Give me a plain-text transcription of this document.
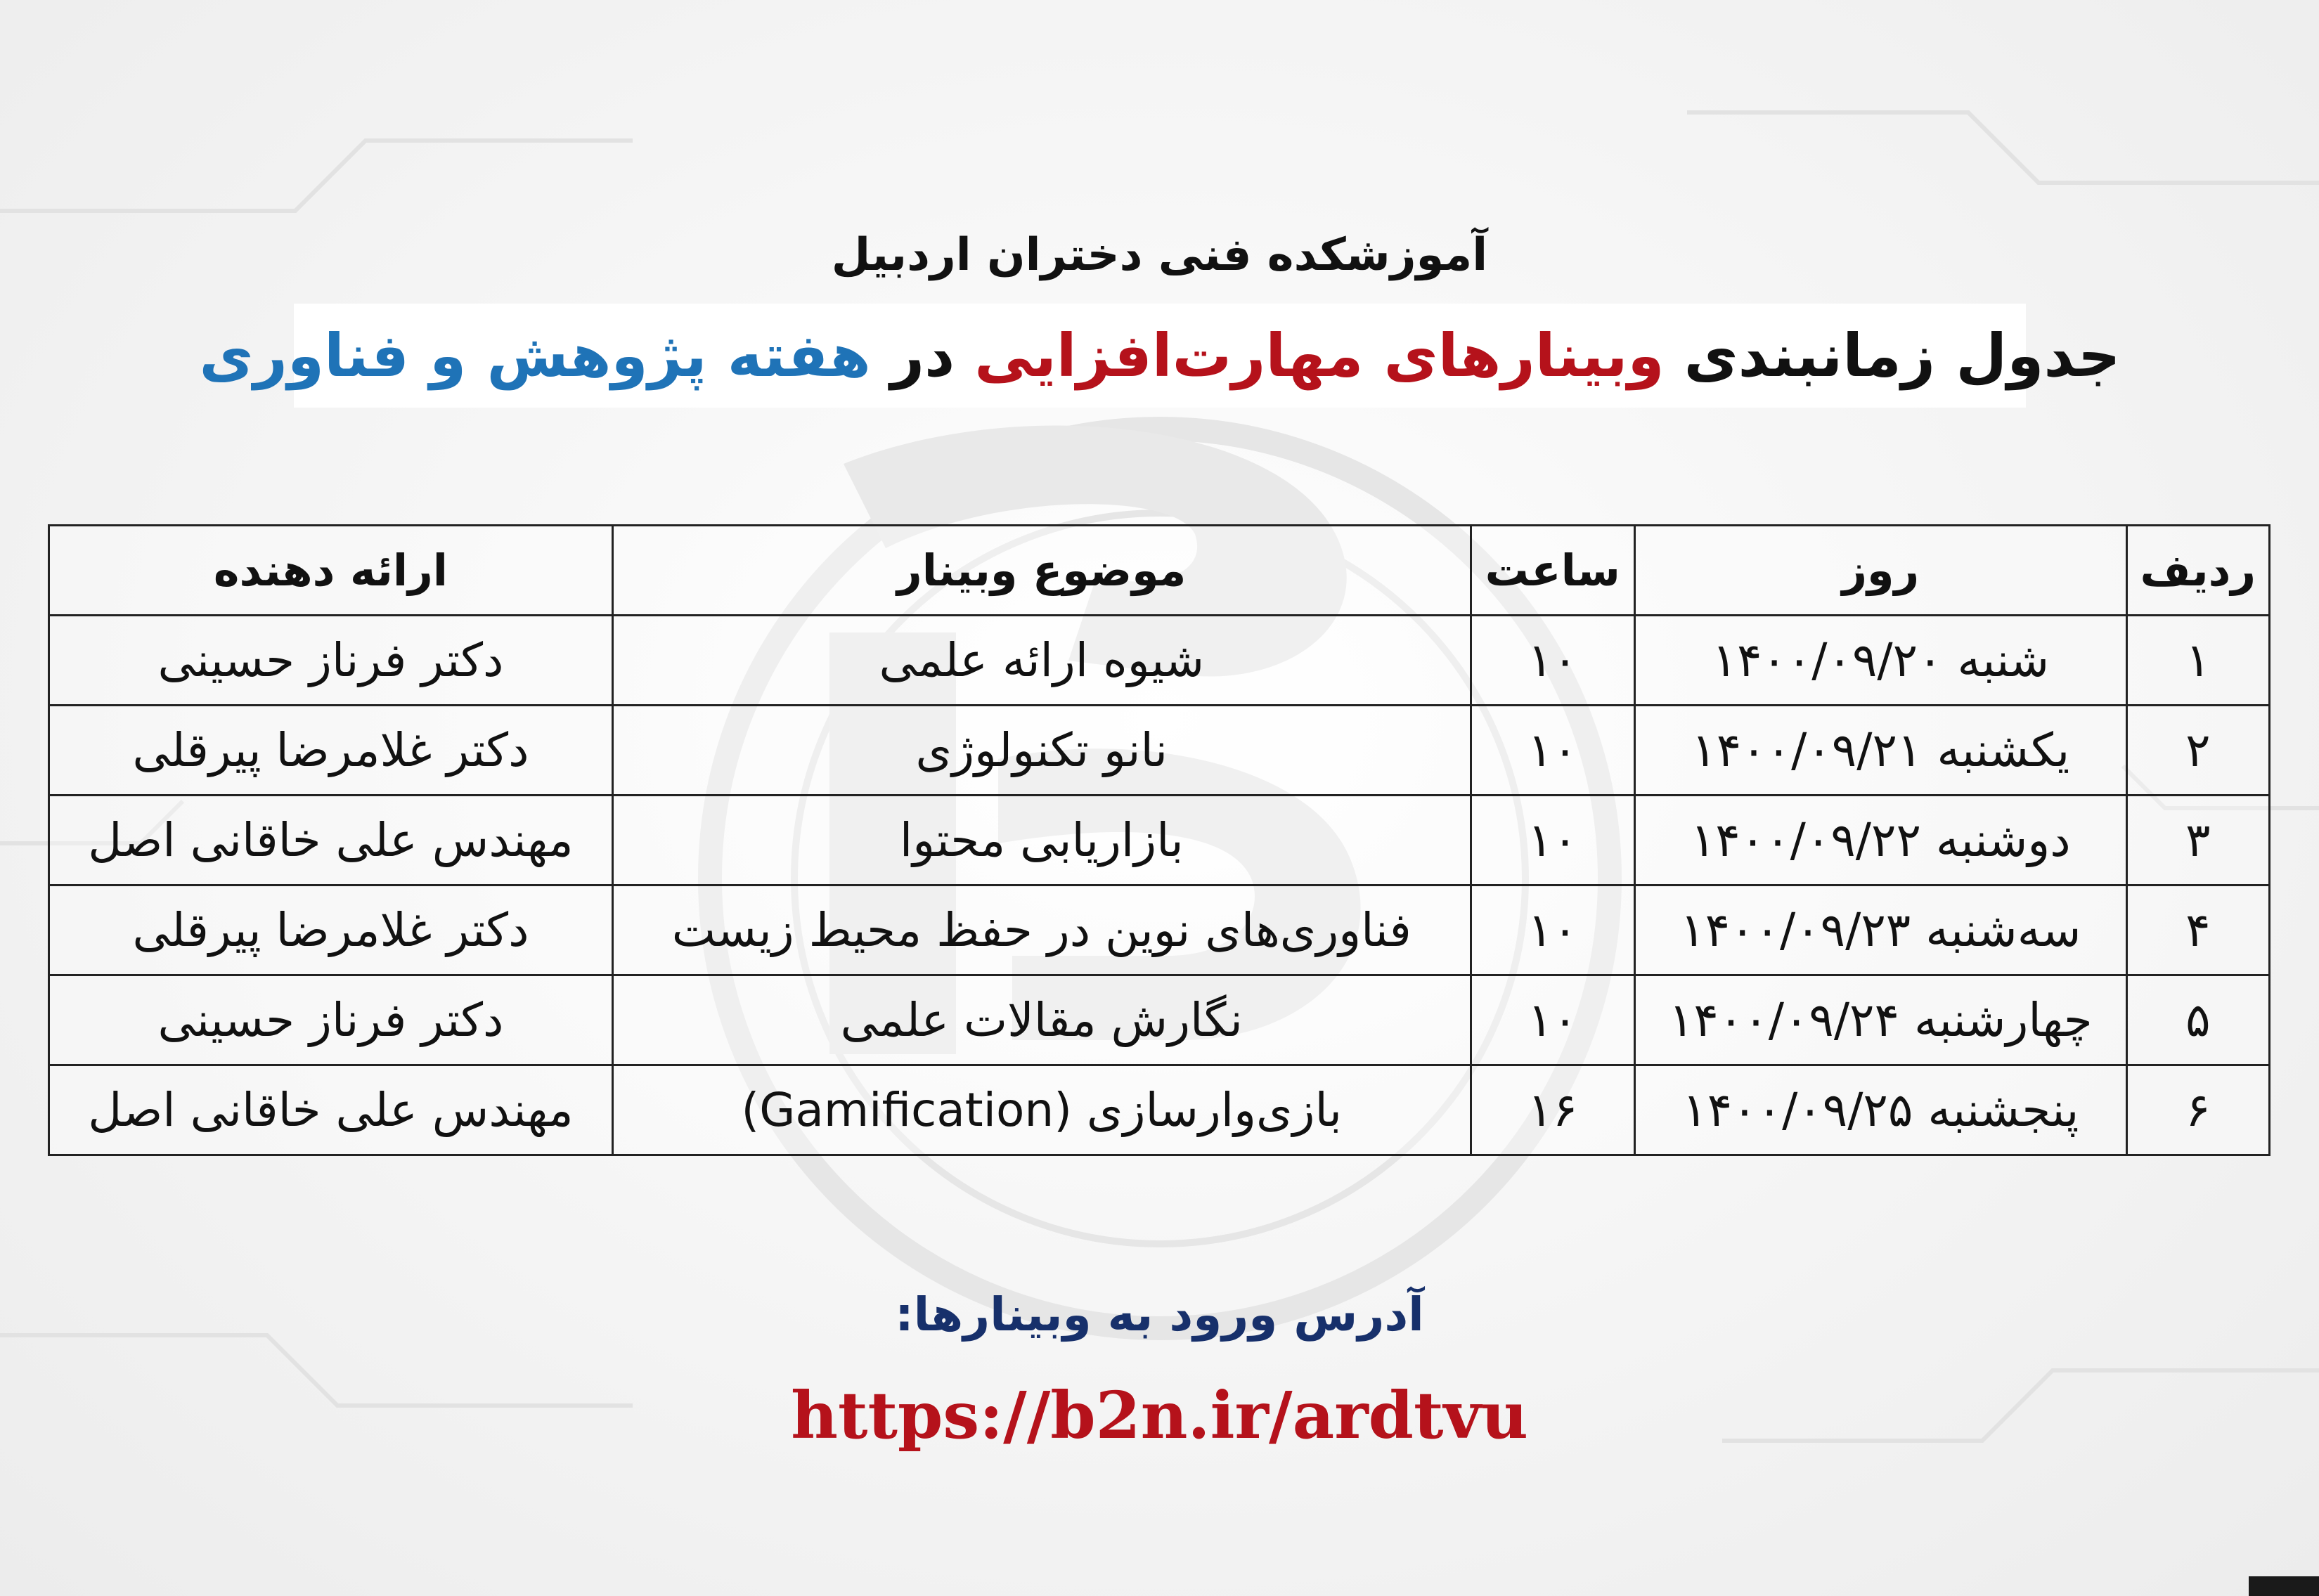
آموزشکده فنی دختران اردبیل
جدول زمانبندی
وبینارهای مهارت‌افزایی
در
هفته پژوهش و فناوری
ردیف	روز	ساعت	موضوع وبینار	ارائه دهنده
۱	شنبه ۱۴۰۰/۰۹/۲۰	۱۰	شیوه ارائه علمی	دکتر فرناز حسینی
۲	یکشنبه ۱۴۰۰/۰۹/۲۱	۱۰	نانو تکنولوژی	دکتر غلامرضا پیرقلی
۳	دوشنبه ۱۴۰۰/۰۹/۲۲	۱۰	بازاریابی محتوا	مهندس علی خاقانی اصل
۴	سه‌شنبه ۱۴۰۰/۰۹/۲۳	۱۰	فناوری‌های نوین در حفظ محیط زیست	دکتر غلامرضا پیرقلی
۵	چهارشنبه ۱۴۰۰/۰۹/۲۴	۱۰	نگارش مقالات علمی	دکتر فرناز حسینی
۶	پنجشنبه ۱۴۰۰/۰۹/۲۵	۱۶	بازی‌وارسازی (Gamification)	مهندس علی خاقانی اصل
آدرس ورود به وبینارها:
https://b2n.ir/ardtvu
